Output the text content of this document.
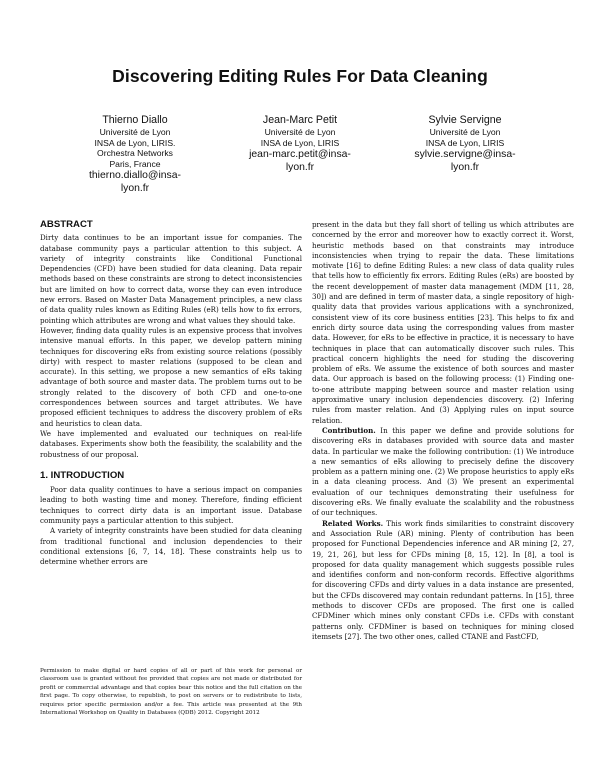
Discovering Editing Rules For Data Cleaning
Thierno Diallo
Université de Lyon
INSA de Lyon, LIRIS.
Orchestra Networks
Paris, France
thierno.diallo@insa-
lyon.fr
Jean-Marc Petit
Université de Lyon
INSA de Lyon, LIRIS
jean-marc.petit@insa-
lyon.fr
Sylvie Servigne
Université de Lyon
INSA de Lyon, LIRIS
sylvie.servigne@insa-
lyon.fr
ABSTRACT

Dirty data continues to be an important issue for companies. The database community pays a particular attention to this subject. A variety of integrity constraints like Conditional Functional Dependencies (CFD) have been studied for data cleaning. Data repair methods based on these constraints are strong to detect inconsistencies but are limited on how to correct data, worse they can even introduce new errors. Based on Master Data Management principles, a new class of data quality rules known as Editing Rules (eR) tells how to fix errors, pointing which attributes are wrong and what values they should take.

However, finding data quality rules is an expensive process that involves intensive manual efforts. In this paper, we develop pattern mining techniques for discovering eRs from existing source relations (possibly dirty) with respect to master relations (supposed to be clean and accurate). In this setting, we propose a new semantics of eRs taking advantage of both source and master data. The problem turns out to be strongly related to the discovery of both CFD and one-to-one correspondences between sources and target attributes. We have proposed efficient techniques to address the discovery problem of eRs and heuristics to clean data.

We have implemented and evaluated our techniques on real-life databases. Experiments show both the feasibility, the scalability and the robustness of our proposal.

1. INTRODUCTION

Poor data quality continues to have a serious impact on companies leading to both wasting time and money. Therefore, finding efficient techniques to correct dirty data is an important issue. Database community pays a particular attention to this subject.

A variety of integrity constraints have been studied for data cleaning from traditional functional and inclusion dependencies to their conditional extensions [6, 7, 14, 18]. These constraints help us to determine whether errors are

Permission to make digital or hard copies of all or part of this work for personal or classroom use is granted without fee provided that copies are not made or distributed for profit or commercial advantage and that copies bear this notice and the full citation on the first page. To copy otherwise, to republish, to post on servers or to redistribute to lists, requires prior specific permission and/or a fee. This article was presented at the 9th International Workshop on Quality in Databases (QDB) 2012. Copyright 2012

present in the data but they fall short of telling us which attributes are concerned by the error and moreover how to exactly correct it. Worst, heuristic methods based on that constraints may introduce inconsistencies when trying to repair the data. These limitations motivate [16] to define Editing Rules: a new class of data quality rules that tells how to efficiently fix errors. Editing Rules (eRs) are boosted by the recent developpement of master data management (MDM [11, 28, 30]) and are defined in term of master data, a single repository of high-quality data that provides various applications with a synchronized, consistent view of its core business entities [23]. This helps to fix and enrich dirty source data using the corresponding values from master data. However, for eRs to be effective in practice, it is necessary to have techniques in place that can automatically discover such rules. This practical concern highlights the need for studing the discovering problem of eRs. We assume the existence of both sources and master data. Our approach is based on the following process: (1) Finding one-to-one attribute mapping between source and master relation using approximative unary inclusion dependencies discovery. (2) Infering rules from master relation. And (3) Applying rules on input source relation.

Contribution. In this paper we define and provide solutions for discovering eRs in databases provided with source data and master data. In particular we make the following contribution: (1) We introduce a new semantics of eRs allowing to precisely define the discovery problem as a pattern mining one. (2) We propose heuristics to apply eRs in a data cleaning process. And (3) We present an experimental evaluation of our techniques demonstrating their usefulness for discovering eRs. We finally evaluate the scalability and the robustness of our techniques.

Related Works. This work finds similarities to constraint discovery and Association Rule (AR) mining. Plenty of contribution has been proposed for Functional Dependencies inference and AR mining [2, 27, 19, 21, 26], but less for CFDs mining [8, 15, 12]. In [8], a tool is proposed for data quality management which suggests possible rules and identifies conform and non-conform records. Effective algorithms for discovering CFDs and dirty values in a data instance are presented, but the CFDs discovered may contain redundant patterns. In [15], three methods to discover CFDs are proposed. The first one is called CFDMiner which mines only constant CFDs i.e. CFDs with constant patterns only. CFDMiner is based on techniques for mining closed itemsets [27]. The two other ones, called CTANE and FastCFD,
